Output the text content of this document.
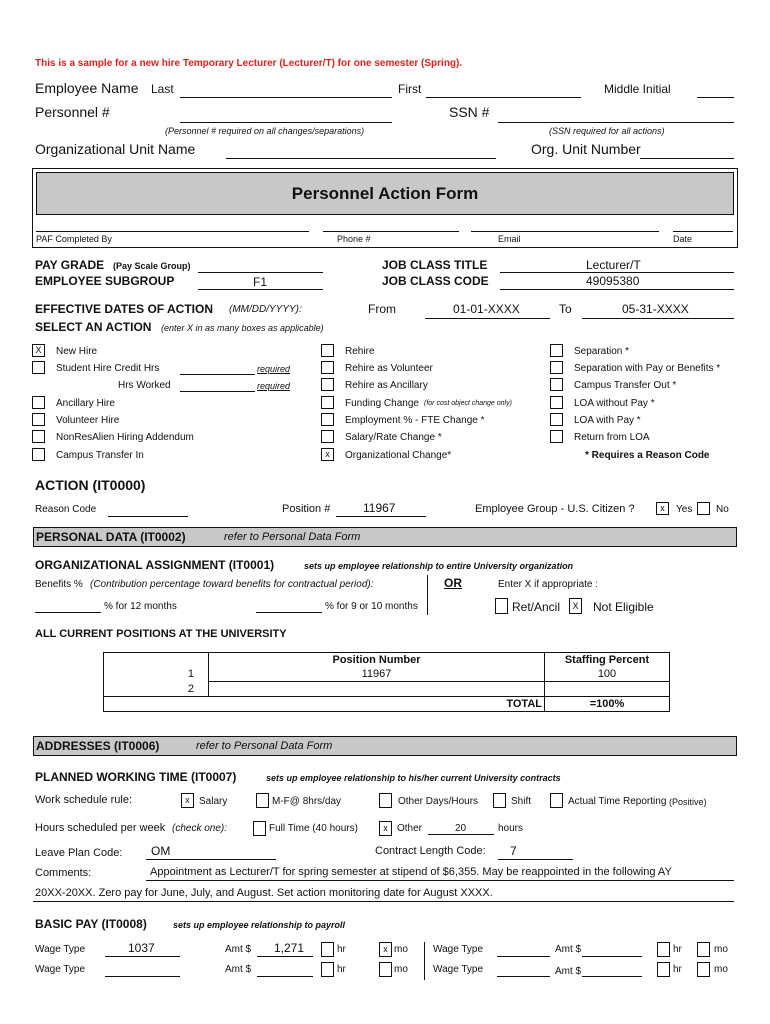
This is a sample for a new hire Temporary Lecturer (Lecturer/T) for one semester (Spring).
Employee Name Last	First	Middle Initial
Personnel #	SSN #
(Personnel # required on all changes/separations)	(SSN required for all actions)
Organizational Unit Name	Org. Unit Number
Personnel Action Form
PAF Completed By	Phone #	Email	Date
PAY GRADE (Pay Scale Group)
EMPLOYEE SUBGROUP	F1
JOB CLASS TITLE	Lecturer/T
JOB CLASS CODE	49095380
EFFECTIVE DATES OF ACTION (MM/DD/YYYY):	From	01-01-XXXX	To	05-31-XXXX
SELECT AN ACTION (enter X in as many boxes as applicable)
X	New Hire
Student Hire Credit Hrs	required
Hrs Worked	required
Ancillary Hire
Volunteer Hire
NonResAlien Hiring Addendum
Campus Transfer In
Rehire
Rehire as Volunteer
Rehire as Ancillary
Funding Change (for cost object change only)
Employment % - FTE Change *
Salary/Rate Change *
x	Organizational Change*
Separation *
Separation with Pay or Benefits *
Campus Transfer Out *
LOA without Pay *
LOA with Pay *
Return from LOA
* Requires a Reason Code
ACTION (IT0000)
Reason Code	Position #	11967	Employee Group - U.S. Citizen ?	x	Yes No
PERSONAL DATA (IT0002)	refer to Personal Data Form
ORGANIZATIONAL ASSIGNMENT (IT0001)	sets up employee relationship to entire University organization
Benefits % (Contribution percentage toward benefits for contractual period):	OR	Enter X if appropriate :
% for 12 months	% for 9 or 10 months	Ret/Ancil	X Not Eligible
ALL CURRENT POSITIONS AT THE UNIVERSITY
	Position Number	Staffing Percent
1	11967	100
2		
	TOTAL	=100%
ADDRESSES (IT0006)	refer to Personal Data Form
PLANNED WORKING TIME (IT0007)	sets up employee relationship to his/her current University contracts
Work schedule rule:	x Salary	M-F@ 8hrs/day	Other Days/Hours	Shift	Actual Time Reporting (Positive)
Hours scheduled per week (check one):	Full Time (40 hours)	x Other	20	hours
Leave Plan Code: OM	Contract Length Code: 7
Comments:	Appointment as Lecturer/T for spring semester at stipend of $6,355. May be reappointed in the following AY
20XX-20XX. Zero pay for June, July, and August. Set action monitoring date for August XXXX.
BASIC PAY (IT0008)	sets up employee relationship to payroll
Wage Type	1037	Amt $ 1,271	hr	x mo
Wage Type	Amt $	hr	mo
Wage Type	Amt $	hr	mo
Wage Type	Amt $	hr	mo
